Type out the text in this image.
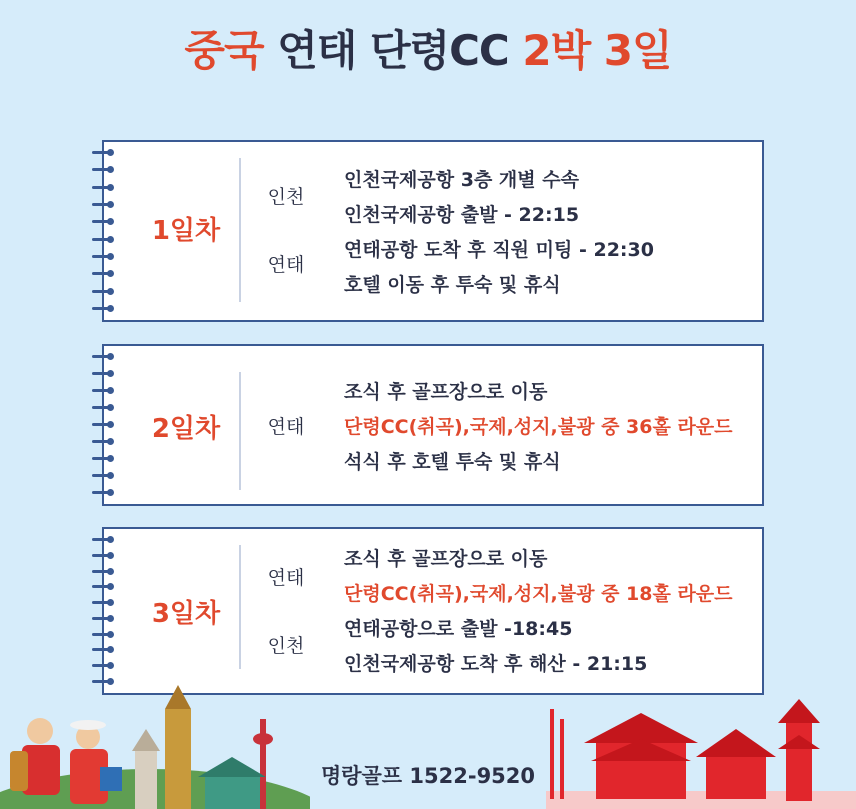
중국 연태 단령CC 2박 3일
1일차
인천
연태
인천국제공항 3층 개별 수속
인천국제공항 출발 - 22:15
연태공항 도착 후 직원 미팅 - 22:30
호텔 이동 후 투숙 및 휴식
2일차	연태
조식 후 골프장으로 이동
단령CC(취곡),국제,성지,불광 중 36홀 라운드
석식 후 호텔 투숙 및 휴식
3일차
연태
인천
조식 후 골프장으로 이동
단령CC(취곡),국제,성지,불광 중 18홀 라운드
연태공항으로 출발 -18:45
인천국제공항 도착 후 해산 - 21:15
명랑골프 1522-9520
